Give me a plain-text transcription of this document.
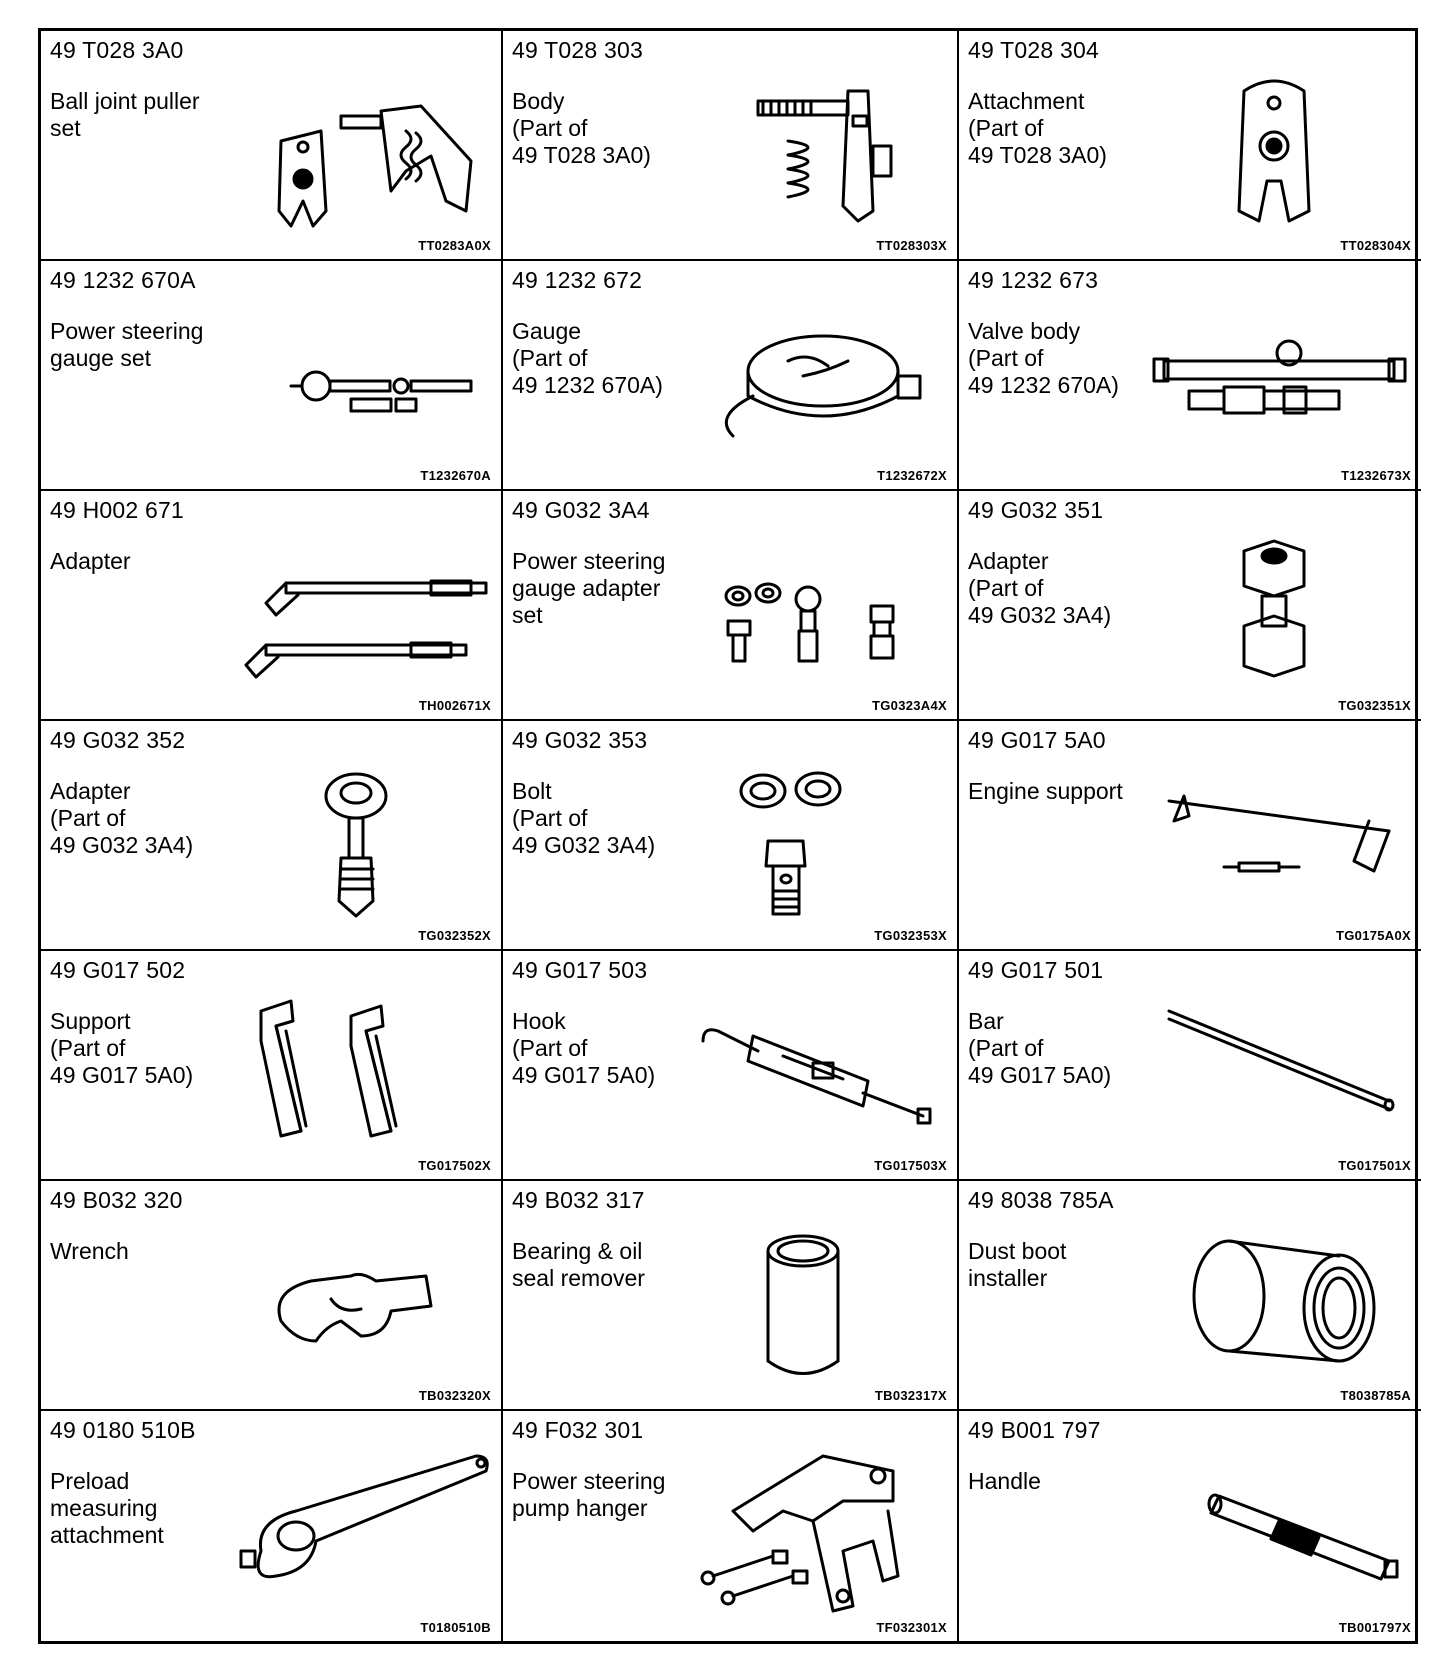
49 T028 3A0
Ball joint puller
set
TT0283A0X
49 T028 303
Body
(Part of
49 T028 3A0)
TT028303X
49 T028 304
Attachment
(Part of
49 T028 3A0)
TT028304X
49 1232 670A
Power steering
gauge set
T1232670A
49 1232 672
Gauge
(Part of
49 1232 670A)
T1232672X
49 1232 673
Valve body
(Part of
49 1232 670A)
T1232673X
49 H002 671
Adapter
TH002671X
49 G032 3A4
Power steering
gauge adapter
set
TG0323A4X
49 G032 351
Adapter
(Part of
49 G032 3A4)
TG032351X
49 G032 352
Adapter
(Part of
49 G032 3A4)
TG032352X
49 G032 353
Bolt
(Part of
49 G032 3A4)
TG032353X
49 G017 5A0
Engine support
TG0175A0X
49 G017 502
Support
(Part of
49 G017 5A0)
TG017502X
49 G017 503
Hook
(Part of
49 G017 5A0)
TG017503X
49 G017 501
Bar
(Part of
49 G017 5A0)
TG017501X
49 B032 320
Wrench
TB032320X
49 B032 317
Bearing & oil
seal remover
TB032317X
49 8038 785A
Dust boot
installer
T8038785A
49 0180 510B
Preload
measuring
attachment
T0180510B
49 F032 301
Power steering
pump hanger
TF032301X
49 B001 797
Handle
TB001797X
